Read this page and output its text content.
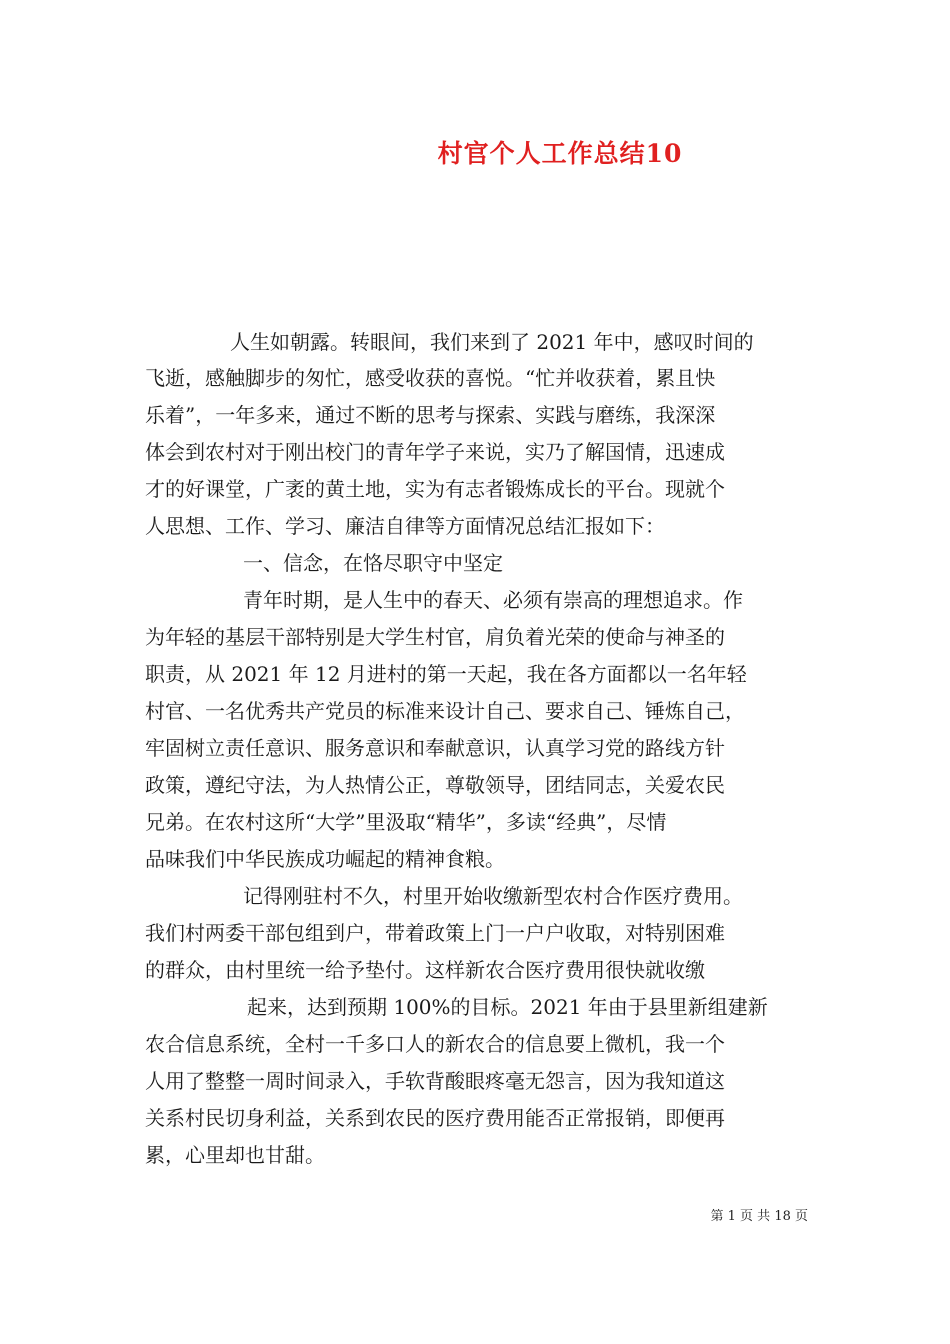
村官个人工作总结10
人生如朝露。转眼间，我们来到了 2021 年中，感叹时间的
飞逝，感触脚步的匆忙，感受收获的喜悦。“忙并收获着，累且快
乐着”，一年多来，通过不断的思考与探索、实践与磨练，我深深
体会到农村对于刚出校门的青年学子来说，实乃了解国情，迅速成
才的好课堂，广袤的黄土地，实为有志者锻炼成长的平台。现就个
人思想、工作、学习、廉洁自律等方面情况总结汇报如下：
一、信念，在恪尽职守中坚定
青年时期，是人生中的春天、必须有崇高的理想追求。作
为年轻的基层干部特别是大学生村官，肩负着光荣的使命与神圣的
职责，从 2021 年 12 月进村的第一天起，我在各方面都以一名年轻
村官、一名优秀共产党员的标准来设计自己、要求自己、锤炼自己，
牢固树立责任意识、服务意识和奉献意识，认真学习党的路线方针
政策，遵纪守法，为人热情公正，尊敬领导，团结同志，关爱农民
兄弟。在农村这所“大学”里汲取“精华”，多读“经典”，尽情
品味我们中华民族成功崛起的精神食粮。
记得刚驻村不久，村里开始收缴新型农村合作医疗费用。
我们村两委干部包组到户，带着政策上门一户户收取，对特别困难
的群众，由村里统一给予垫付。这样新农合医疗费用很快就收缴
起来，达到预期 100%的目标。2021 年由于县里新组建新
农合信息系统，全村一千多口人的新农合的信息要上微机，我一个
人用了整整一周时间录入，手软背酸眼疼毫无怨言，因为我知道这
关系村民切身利益，关系到农民的医疗费用能否正常报销，即便再
累，心里却也甘甜。
第 1 页 共 18 页
